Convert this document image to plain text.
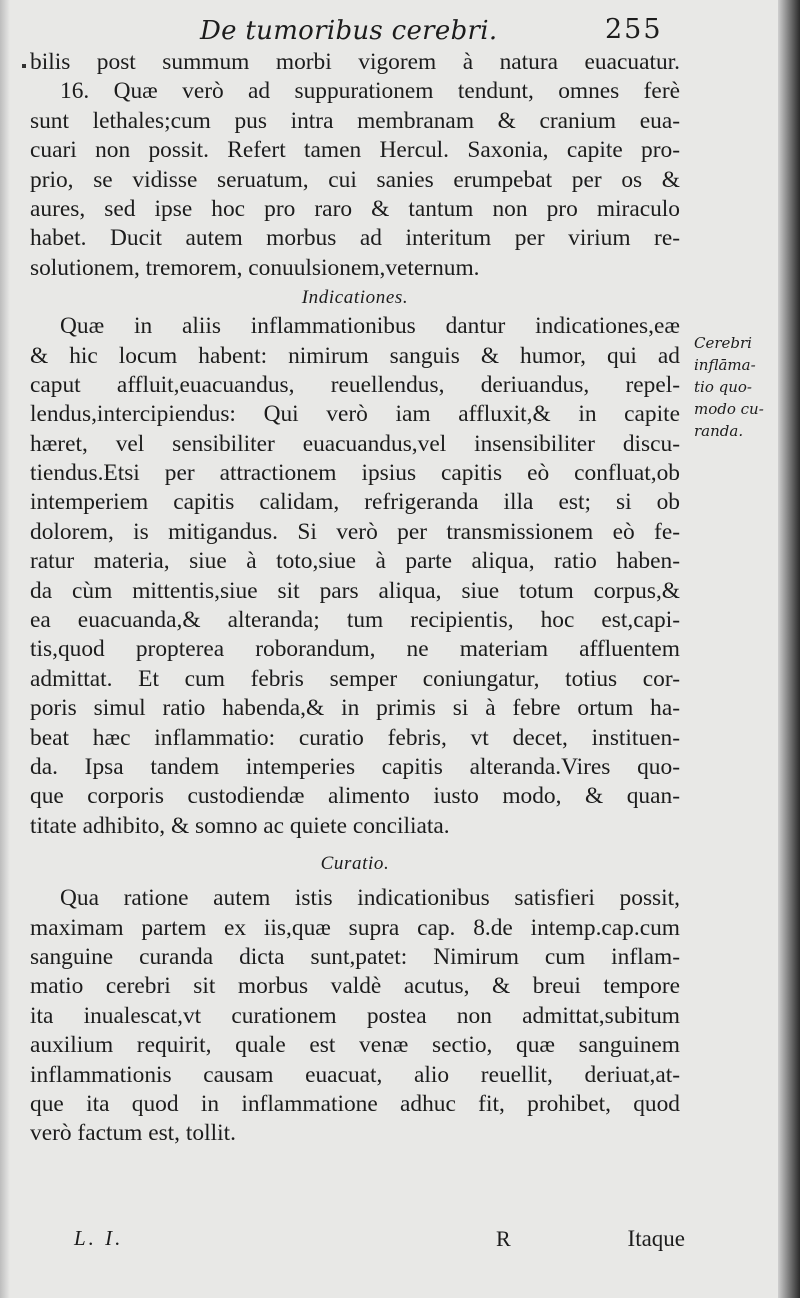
De tumoribus cerebri.	255
bilis post summum morbi vigorem à natura euacuatur.
16. Quæ verò ad suppurationem tendunt, omnes ferè
sunt lethales;cum pus intra membranam & cranium eua-
cuari non possit. Refert tamen Hercul. Saxonia, capite pro-
prio, se vidisse seruatum, cui sanies erumpebat per os &
aures, sed ipse hoc pro raro & tantum non pro miraculo
habet. Ducit autem morbus ad interitum per virium re-
solutionem, tremorem, conuulsionem,veternum.
Indicationes.
Quæ in aliis inflammationibus dantur indicationes,eæ
& hic locum habent: nimirum sanguis & humor, qui ad
caput affluit,euacuandus, reuellendus, deriuandus, repel-
lendus,intercipiendus: Qui verò iam affluxit,& in capite
hæret, vel sensibiliter euacuandus,vel insensibiliter discu-
tiendus.Etsi per attractionem ipsius capitis eò confluat,ob
intemperiem capitis calidam, refrigeranda illa est; si ob
dolorem, is mitigandus. Si verò per transmissionem eò fe-
ratur materia, siue à toto,siue à parte aliqua, ratio haben-
da cùm mittentis,siue sit pars aliqua, siue totum corpus,&
ea euacuanda,& alteranda; tum recipientis, hoc est,capi-
tis,quod propterea roborandum, ne materiam affluentem
admittat. Et cum febris semper coniungatur, totius cor-
poris simul ratio habenda,& in primis si à febre ortum ha-
beat hæc inflammatio: curatio febris, vt decet, instituen-
da. Ipsa tandem intemperies capitis alteranda.Vires quo-
que corporis custodiendæ alimento iusto modo, & quan-
titate adhibito, & somno ac quiete conciliata.
Curatio.
Qua ratione autem istis indicationibus satisfieri possit,
maximam partem ex iis,quæ supra cap. 8.de intemp.cap.cum
sanguine curanda dicta sunt,patet: Nimirum cum inflam-
matio cerebri sit morbus valdè acutus, & breui tempore
ita inualescat,vt curationem postea non admittat,subitum
auxilium requirit, quale est venæ sectio, quæ sanguinem
inflammationis causam euacuat, alio reuellit, deriuat,at-
que ita quod in inflammatione adhuc fit, prohibet, quod
verò factum est, tollit.
Cerebri
inflāma-
tio quo-
modo cu-
randa.
L. I.	R	Itaque
